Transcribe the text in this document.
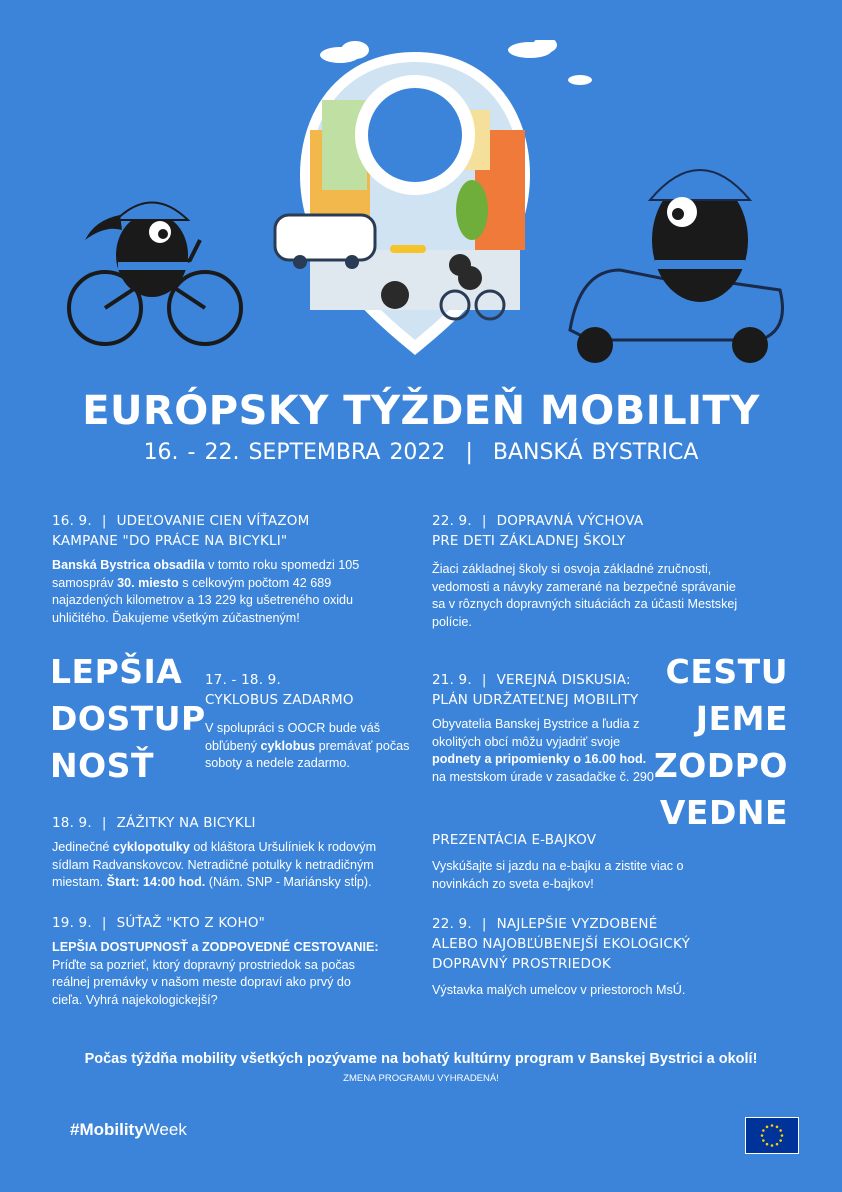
EURÓPSKY TÝŽDEŇ MOBILITY
16. - 22. SEPTEMBRA 2022 | BANSKÁ BYSTRICA
16. 9. | UDEĽOVANIE CIEN VÍŤAZOM
KAMPANE "DO PRÁCE NA BICYKLI"
Banská Bystrica obsadila v tomto roku spomedzi 105 samospráv 30. miesto s celkovým počtom 42 689 najazdených kilometrov a 13 229 kg ušetreného oxidu uhličitého. Ďakujeme všetkým zúčastneným!
17. - 18. 9.
CYKLOBUS ZADARMO
V spolupráci s OOCR bude váš obľúbený cyklobus premávať počas soboty a nedele zadarmo.
18. 9. | ZÁŽITKY NA BICYKLI
Jedinečné cyklopotulky od kláštora Uršulíniek k rodovým sídlam Radvanskovcov. Netradičné potulky k netradičným miestam. Štart: 14:00 hod. (Nám. SNP - Mariánsky stĺp).
19. 9. | SÚŤAŽ "KTO Z KOHO"
LEPŠIA DOSTUPNOSŤ a ZODPOVEDNÉ CESTOVANIE: Príďte sa pozrieť, ktorý dopravný prostriedok sa počas reálnej premávky v našom meste dopraví ako prvý do cieľa. Vyhrá najekologickejší?
22. 9. | DOPRAVNÁ VÝCHOVA
PRE DETI ZÁKLADNEJ ŠKOLY
Žiaci základnej školy si osvoja základné zručnosti, vedomosti a návyky zamerané na bezpečné správanie sa v rôznych dopravných situáciách za účasti Mestskej polície.
21. 9. | VEREJNÁ DISKUSIA:
PLÁN UDRŽATEĽNEJ MOBILITY
Obyvatelia Banskej Bystrice a ľudia z okolitých obcí môžu vyjadriť svoje podnety a pripomienky o 16.00 hod. na mestskom úrade v zasadačke č. 290
PREZENTÁCIA E-BAJKOV
Vyskúšajte si jazdu na e-bajku a zistite viac o novinkách zo sveta e-bajkov!
22. 9. | NAJLEPŠIE VYZDOBENÉ
ALEBO NAJOBĽÚBENEJŠÍ EKOLOGICKÝ
DOPRAVNÝ PROSTRIEDOK
Výstavka malých umelcov v priestoroch MsÚ.
LEPŠIA
DOSTUP
NOSŤ
CESTU
JEME
ZODPO
VEDNE
Počas týždňa mobility všetkých pozývame na bohatý kultúrny program v Banskej Bystrici a okolí!
ZMENA PROGRAMU VYHRADENÁ!
#MobilityWeek
